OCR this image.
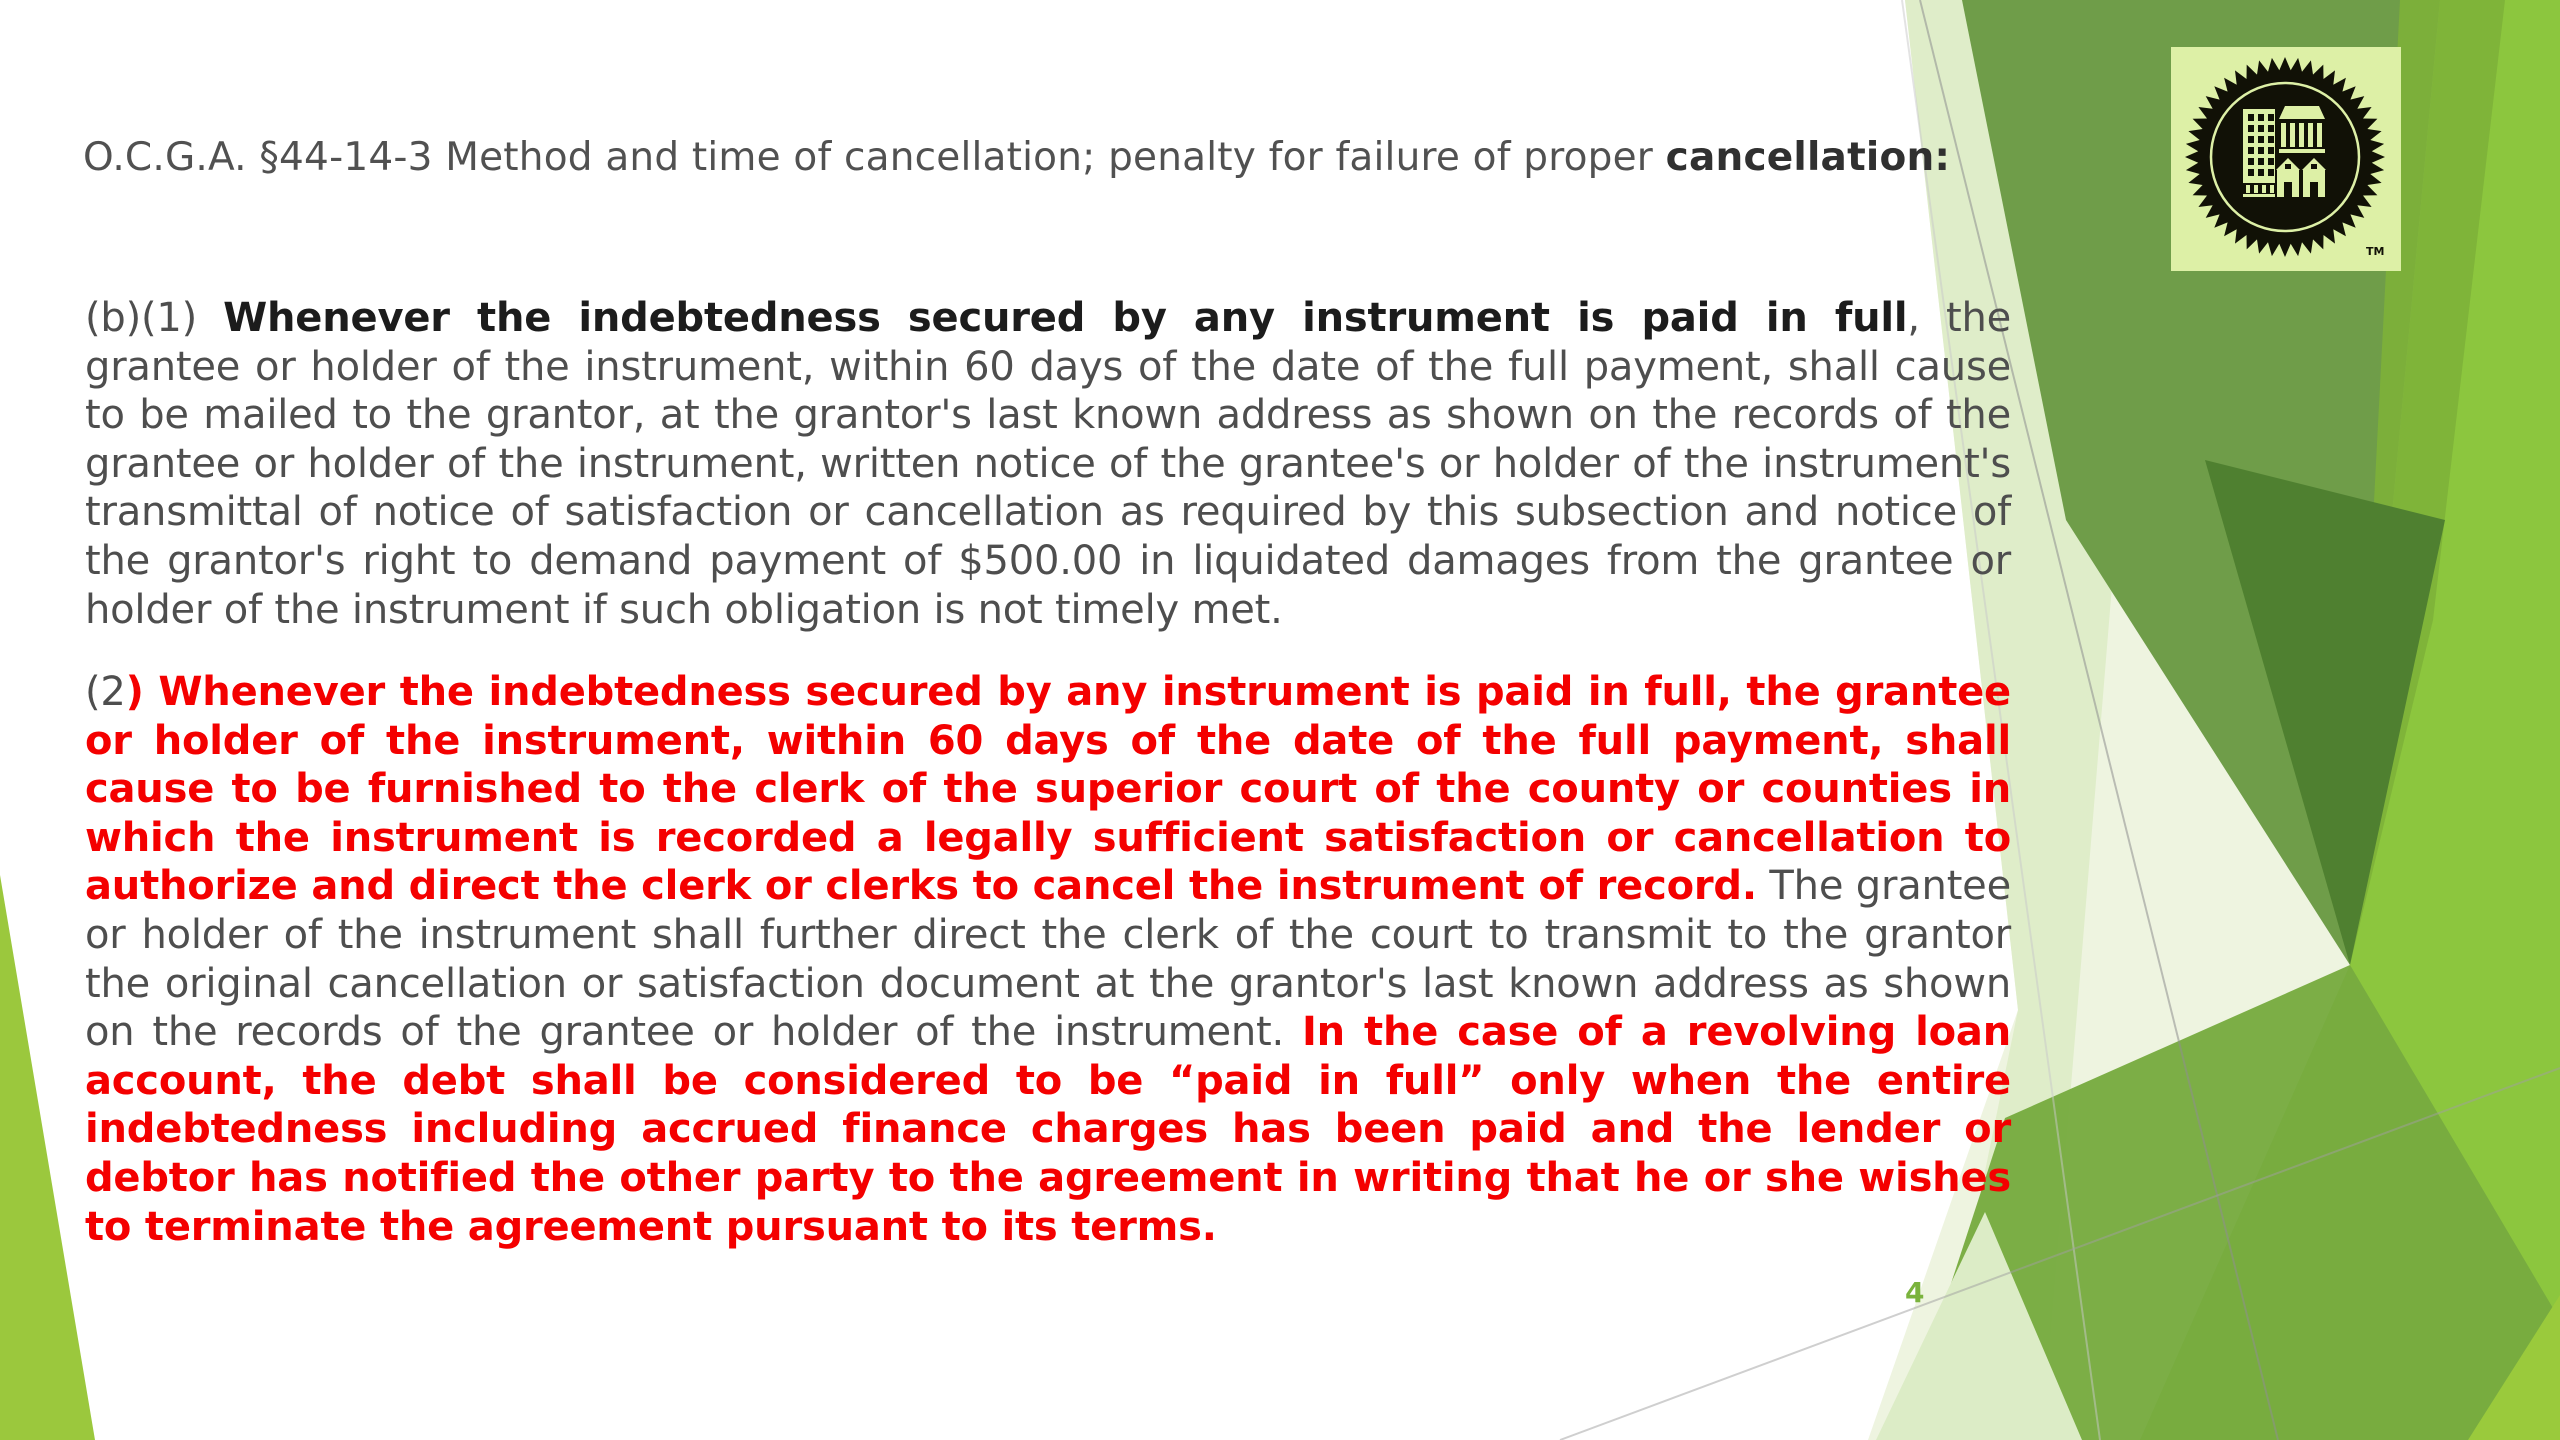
O.C.G.A. §44-14-3 Method and time of cancellation; penalty for failure of proper cancellation:
(b)(1) Whenever the indebtedness secured by any instrument is paid in full, the grantee or holder of the instrument, within 60 days of the date of the full payment, shall cause to be mailed to the grantor, at the grantor's last known address as shown on the records of the grantee or holder of the instrument, written notice of the grantee's or holder of the instrument's transmittal of notice of satisfaction or cancellation as required by this subsection and notice of the grantor's right to demand payment of $500.00 in liquidated damages from the grantee or holder of the instrument if such obligation is not timely met.
(2) Whenever the indebtedness secured by any instrument is paid in full, the grantee or holder of the instrument, within 60 days of the date of the full payment, shall cause to be furnished to the clerk of the superior court of the county or counties in which the instrument is recorded a legally sufficient satisfaction or cancellation to authorize and direct the clerk or clerks to cancel the instrument of record. The grantee or holder of the instrument shall further direct the clerk of the court to transmit to the grantor the original cancellation or satisfaction document at the grantor's last known address as shown on the records of the grantee or holder of the instrument. In the case of a revolving loan account, the debt shall be considered to be “paid in full” only when the entire indebtedness including accrued finance charges has been paid and the lender or debtor has notified the other party to the agreement in writing that he or she wishes to terminate the agreement pursuant to its terms.
4
TM
